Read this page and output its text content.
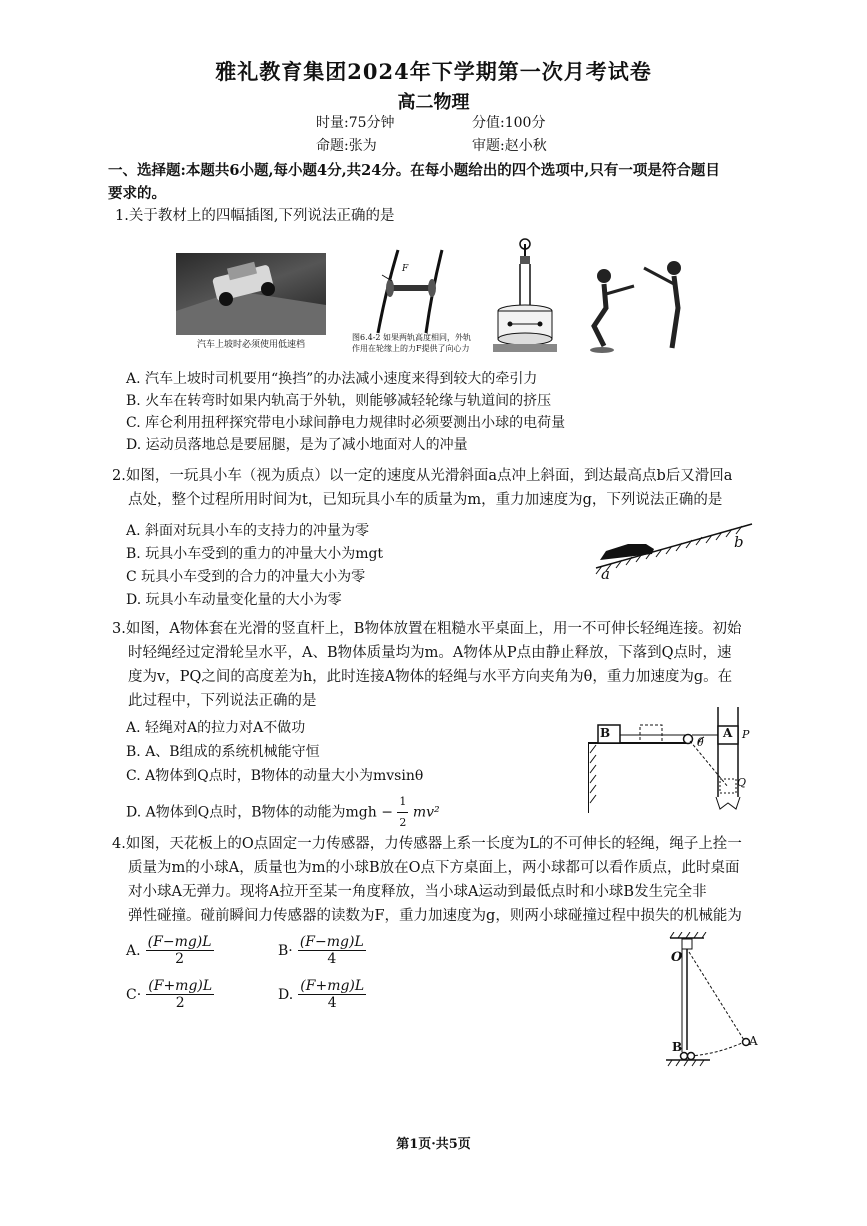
雅礼教育集团2024年下学期第一次月考试卷
高二物理
时量:75分钟	分值:100分
命题:张为	审题:赵小秋
一、选择题:本题共6小题,每小题4分,共24分。在每小题给出的四个选项中,只有一项是符合题目
要求的。
1.关于教材上的四幅插图,下列说法正确的是
汽车上坡时必须使用低速档
F
图6.4-2 如果两轨高度相同，外轨
作用在轮缘上的力F提供了向心力
A. 汽车上坡时司机要用“换挡”的办法减小速度来得到较大的牵引力
B. 火车在转弯时如果内轨高于外轨，则能够减轻轮缘与轨道间的挤压
C. 库仑利用扭秤探究带电小球间静电力规律时必须要测出小球的电荷量
D. 运动员落地总是要屈腿，是为了减小地面对人的冲量
2.如图，一玩具小车（视为质点）以一定的速度从光滑斜面a点冲上斜面，到达最高点b后又滑回a
点处，整个过程所用时间为t，已知玩具小车的质量为m，重力加速度为g，下列说法正确的是
A. 斜面对玩具小车的支持力的冲量为零
B. 玩具小车受到的重力的冲量大小为mgt
C 玩具小车受到的合力的冲量大小为零
D. 玩具小车动量变化量的大小为零
a
b
3.如图，A物体套在光滑的竖直杆上，B物体放置在粗糙水平桌面上，用一不可伸长轻绳连接。初始
时轻绳经过定滑轮呈水平，A、B物体质量均为m。A物体从P点由静止释放，下落到Q点时，速
度为v，PQ之间的高度差为h，此时连接A物体的轻绳与水平方向夹角为θ，重力加速度为g。在
此过程中，下列说法正确的是
A. 轻绳对A的拉力对A不做功
B. A、B组成的系统机械能守恒
C. A物体到Q点时，B物体的动量大小为mvsinθ
D. A物体到Q点时，B物体的动能为mgh − $\frac{1}{2} mv^2$
B	A P
Q
θ
4.如图，天花板上的O点固定一力传感器，力传感器上系一长度为L的不可伸长的轻绳，绳子上拴一
质量为m的小球A，质量也为m的小球B放在O点下方桌面上，两小球都可以看作质点，此时桌面
对小球A无弹力。现将A拉开至某一角度释放，当小球A运动到最低点时和小球B发生完全非
弹性碰撞。碰前瞬间力传感器的读数为F，重力加速度为g，则两小球碰撞过程中损失的机械能为
A. $\frac{(F-mg)L}{2}$	$B\cdot \frac{(F-mg)L}{4}$
$C\cdot \frac{(F+mg)L}{2}$	D. $\frac{(F+mg)L}{4}$
O
B	A
第1页·共5页
